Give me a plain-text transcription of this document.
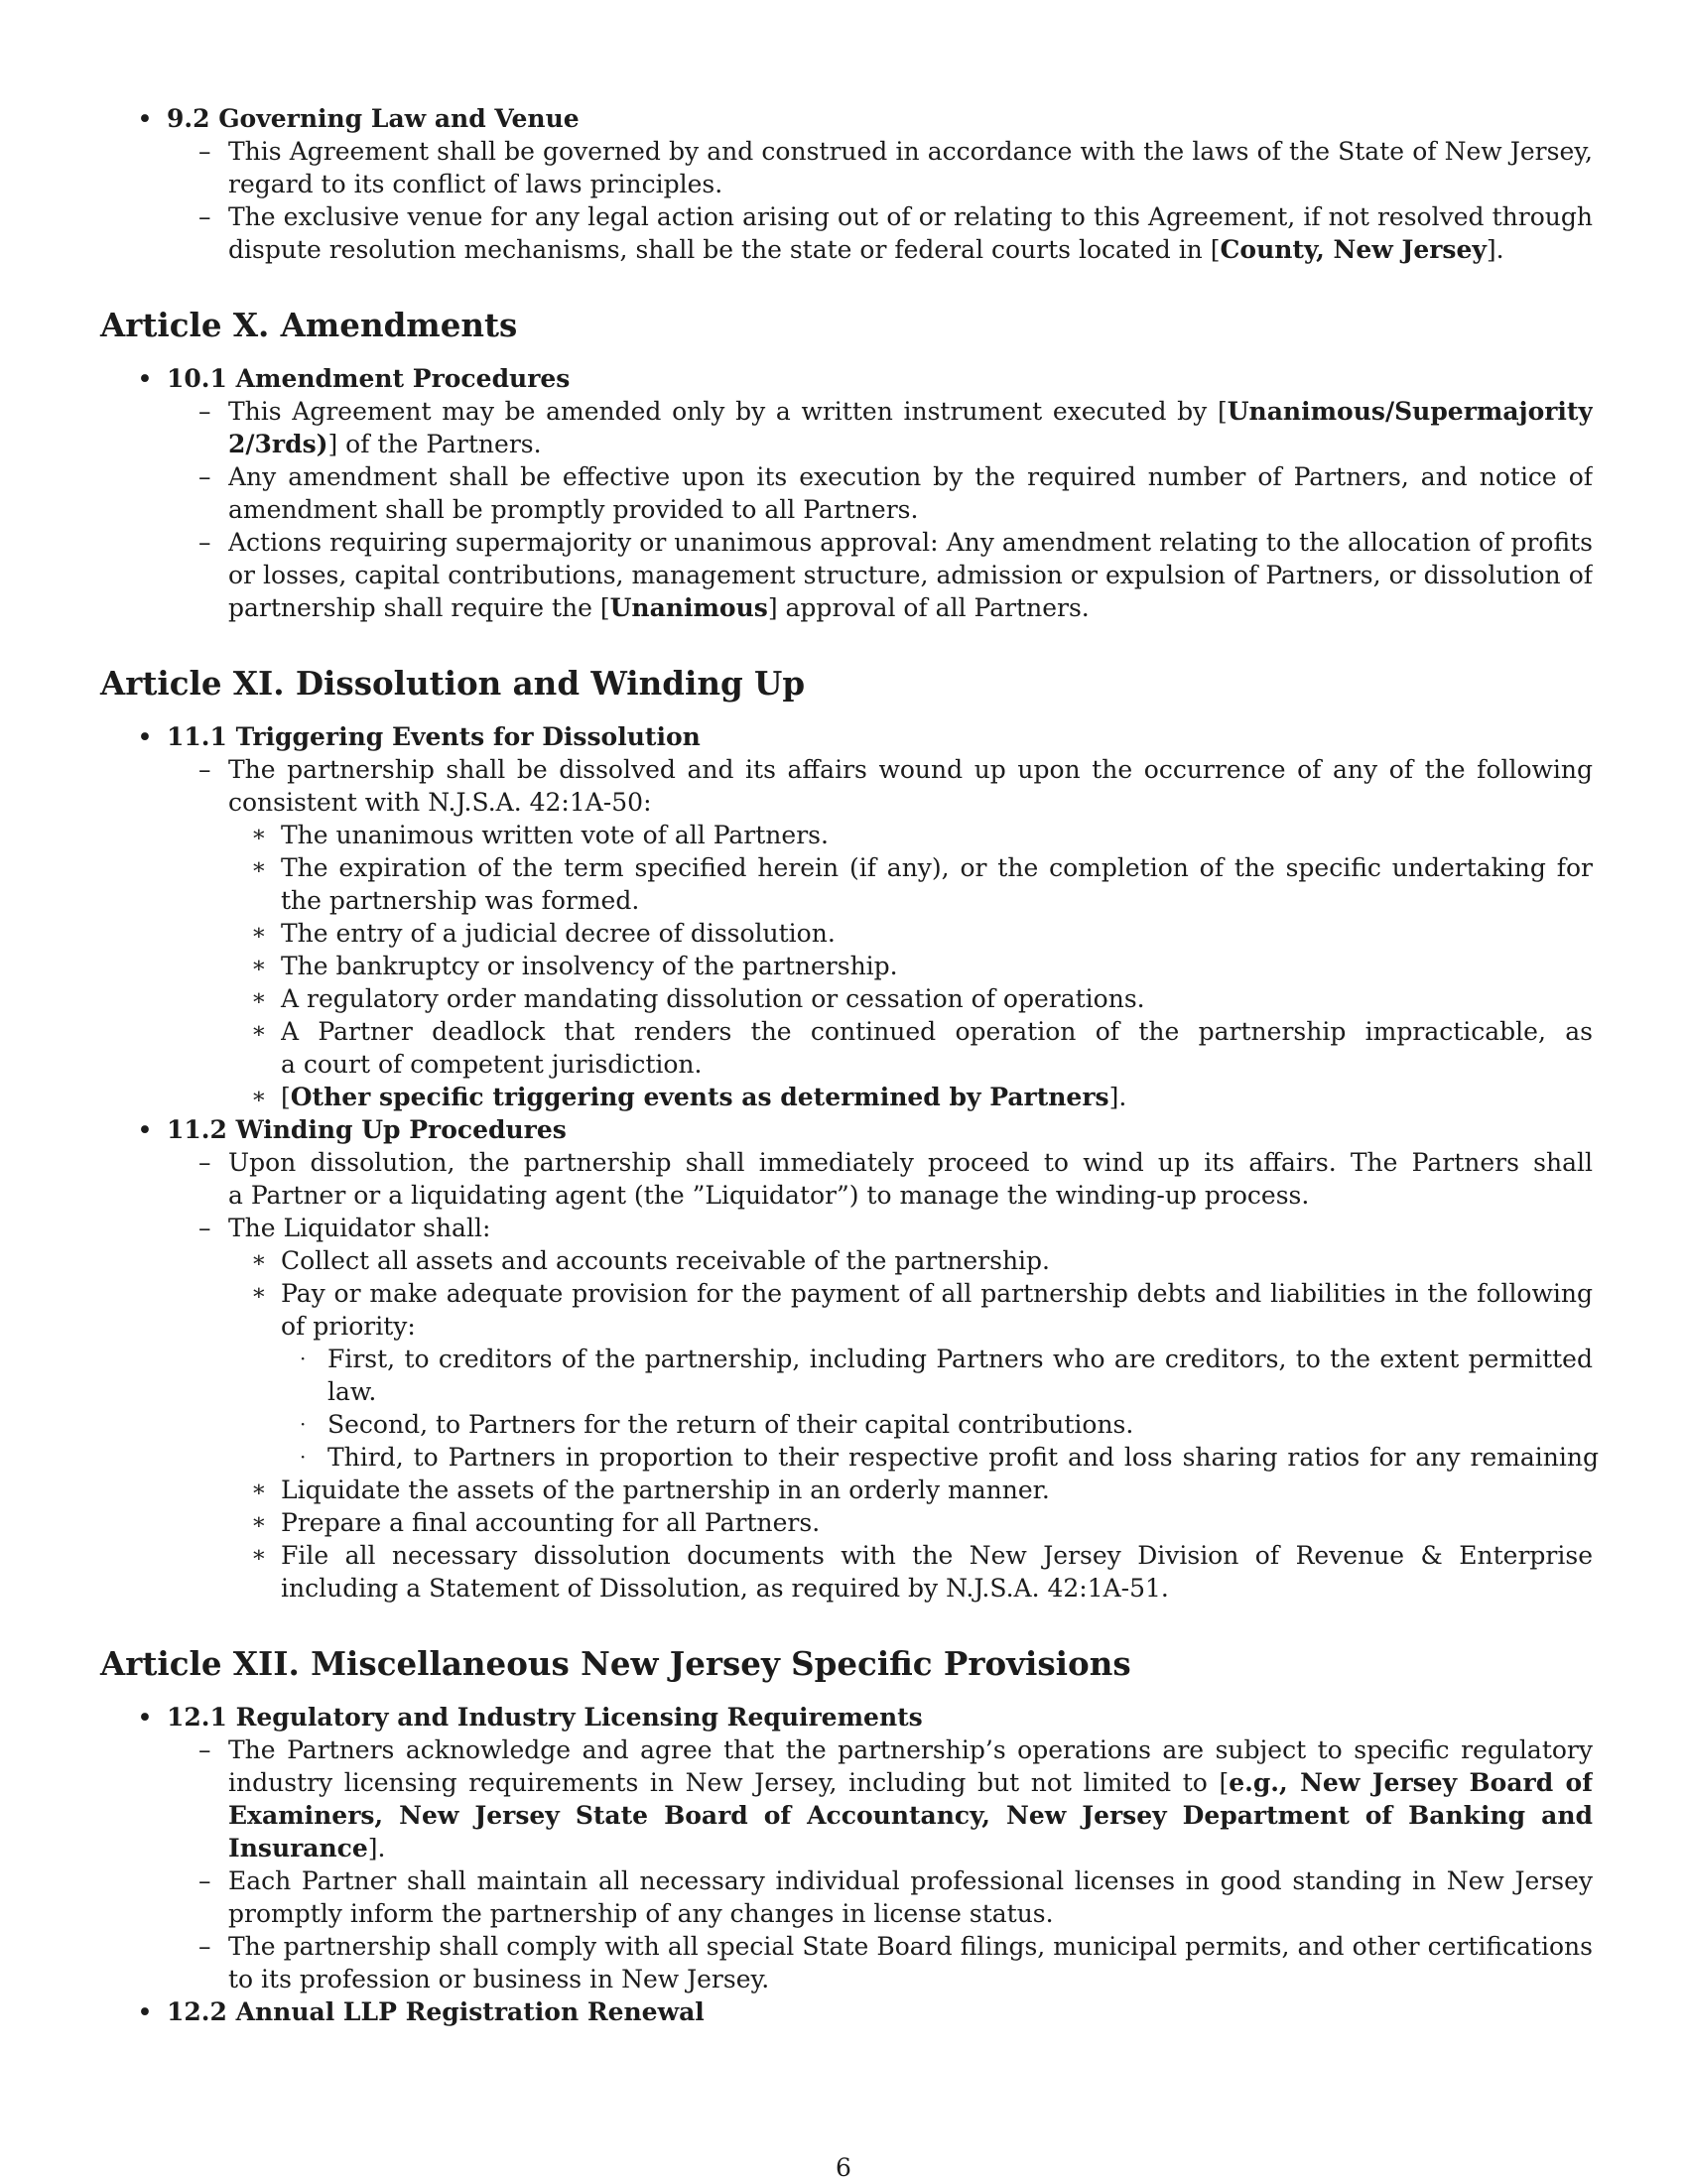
• 9.2 Governing Law and Venue
– This Agreement shall be governed by and construed in accordance with the laws of the State of New Jersey,
regard to its conflict of laws principles.
– The exclusive venue for any legal action arising out of or relating to this Agreement, if not resolved through
dispute resolution mechanisms, shall be the state or federal courts located in [County, New Jersey].
Article X. Amendments
• 10.1 Amendment Procedures
– This Agreement may be amended only by a written instrument executed by [Unanimous/Supermajority
2/3rds)] of the Partners.
– Any amendment shall be effective upon its execution by the required number of Partners, and notice of
amendment shall be promptly provided to all Partners.
– Actions requiring supermajority or unanimous approval: Any amendment relating to the allocation of profits
or losses, capital contributions, management structure, admission or expulsion of Partners, or dissolution of
partnership shall require the [Unanimous] approval of all Partners.
Article XI. Dissolution and Winding Up
• 11.1 Triggering Events for Dissolution
– The partnership shall be dissolved and its affairs wound up upon the occurrence of any of the following
consistent with N.J.S.A. 42:1A-50:
∗ The unanimous written vote of all Partners.
∗ The expiration of the term specified herein (if any), or the completion of the specific undertaking for
the partnership was formed.
∗ The entry of a judicial decree of dissolution.
∗ The bankruptcy or insolvency of the partnership.
∗ A regulatory order mandating dissolution or cessation of operations.
∗ A Partner deadlock that renders the continued operation of the partnership impracticable, as
a court of competent jurisdiction.
∗ [Other specific triggering events as determined by Partners].
• 11.2 Winding Up Procedures
– Upon dissolution, the partnership shall immediately proceed to wind up its affairs. The Partners shall
a Partner or a liquidating agent (the ”Liquidator”) to manage the winding-up process.
– The Liquidator shall:
∗ Collect all assets and accounts receivable of the partnership.
∗ Pay or make adequate provision for the payment of all partnership debts and liabilities in the following
of priority:
· First, to creditors of the partnership, including Partners who are creditors, to the extent permitted
law.
· Second, to Partners for the return of their capital contributions.
· Third, to Partners in proportion to their respective profit and loss sharing ratios for any remaining
∗ Liquidate the assets of the partnership in an orderly manner.
∗ Prepare a final accounting for all Partners.
∗ File all necessary dissolution documents with the New Jersey Division of Revenue & Enterprise
including a Statement of Dissolution, as required by N.J.S.A. 42:1A-51.
Article XII. Miscellaneous New Jersey Specific Provisions
• 12.1 Regulatory and Industry Licensing Requirements
– The Partners acknowledge and agree that the partnership’s operations are subject to specific regulatory
industry licensing requirements in New Jersey, including but not limited to [e.g., New Jersey Board of
Examiners, New Jersey State Board of Accountancy, New Jersey Department of Banking and
Insurance].
– Each Partner shall maintain all necessary individual professional licenses in good standing in New Jersey
promptly inform the partnership of any changes in license status.
– The partnership shall comply with all special State Board filings, municipal permits, and other certifications
to its profession or business in New Jersey.
• 12.2 Annual LLP Registration Renewal
6
